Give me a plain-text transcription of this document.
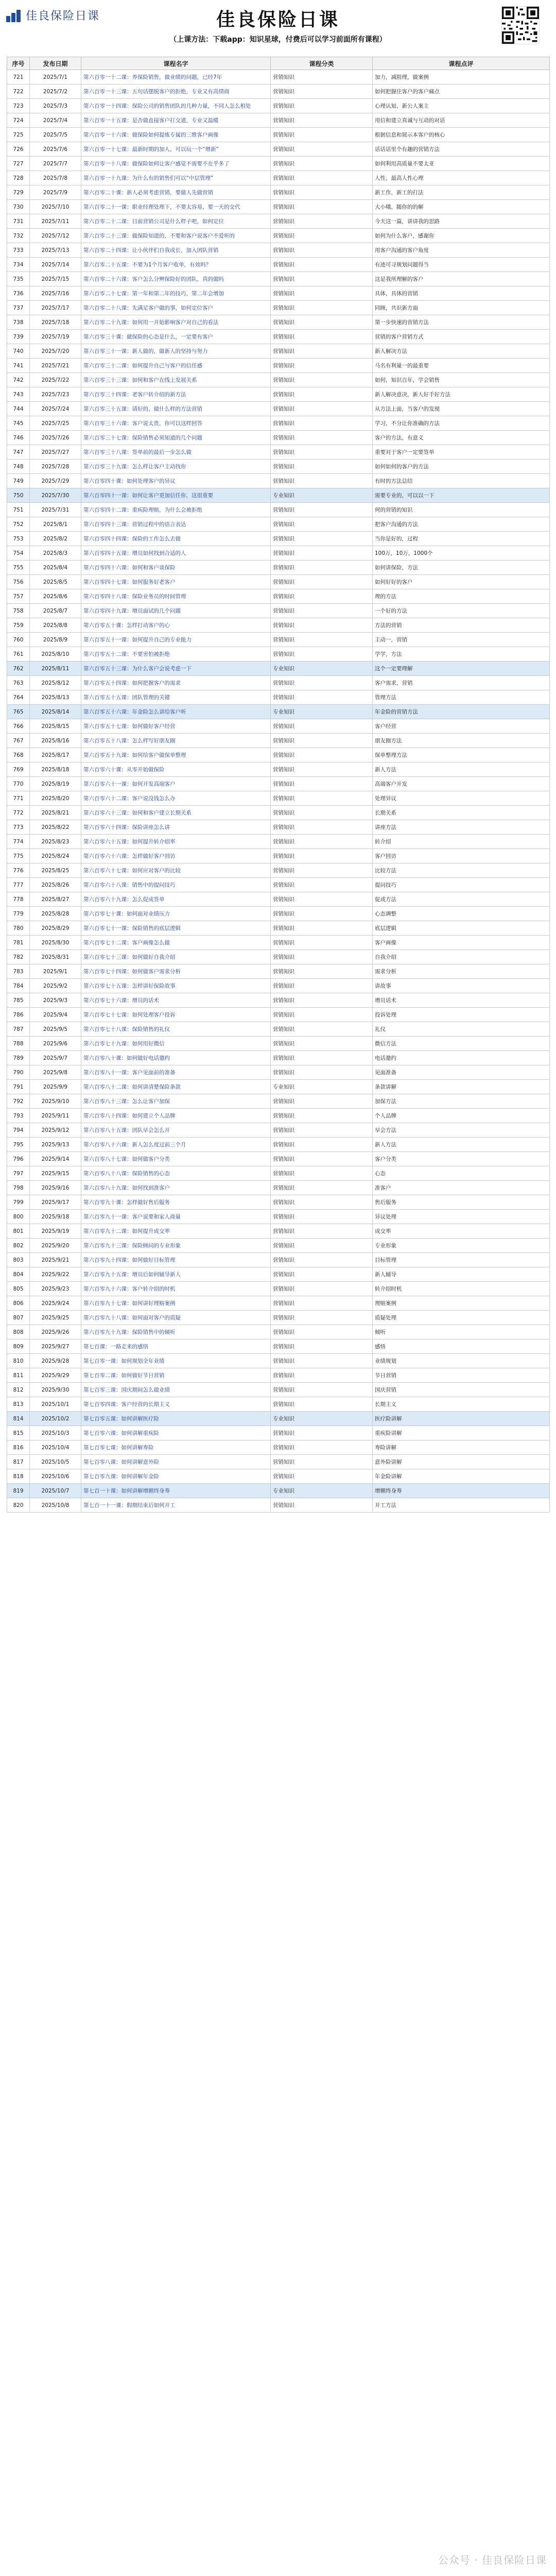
佳良保险日课	佳良保险日课
（上课方法：下载app：知识星球，付费后可以学习前面所有课程）
序号	发布日期	课程名字	课程分类	课程点评
721	2025/7/1	第六百零一十二课：养保险销售，做业绩的问题，已经7年	营销知识	加力，减阻理，做案例
722	2025/7/2	第六百零一十三课：五句话摆脱客户的拒绝，专业又有高情商	营销知识	如何把握住客户的客户痛点
723	2025/7/3	第六百零一十四课：保险公司的销售团队的几种力量，不同人怎么相处	营销知识	心理认知，新公人案主
724	2025/7/4	第六百零一十五课：是否做直接客户打交道，专业又温暖	营销知识	用信和建立真诚与互动的对话
725	2025/7/5	第六百零一十六课：做保险如何提炼专属的三维客户画像	营销知识	根据信息和展示本客户的核心
726	2025/7/6	第六百零一十七课：最新时期的加人，可以玩一个“增新”	营销知识	话话话里个有趣的营销方法
727	2025/7/7	第六百零一十八课：做保险如何让客户感觉不需要不在乎多了	营销知识	如何利用高质量不要太亚
728	2025/7/8	第六百零一十九课：为什么有的销售们可以“中层管理”	营销知识	人性，最高人性心理
729	2025/7/9	第六百零二十课：新人必须考虑营销，要做人先做营销	营销知识	新工作，新工的打法
730	2025/7/10	第六百零二十一课：职业经理处理下，不要太容易，要一天的交代	营销知识	大小哦，随你的的解
731	2025/7/11	第六百零二十二课：目前营销公司是什么样子吧，如何定位	营销知识	今天这一篇，讲讲我的思路
732	2025/7/12	第六百零二十三课：做保险知道的，不要和客户说客户不爱听的	营销知识	如何为什么客户，感谢你
733	2025/7/13	第六百零二十四课：让小伙伴们自我成长，加入团队营销	营销知识	用客户沟通的客户角度
734	2025/7/14	第六百零二十五课：不要为1个月客户收单，有效吗？	营销知识	有迹可寻规划问题得当
735	2025/7/15	第六百零二十六课：客户怎么分辨保险好的团队，真的做吗	营销知识	这是我所理解的客户
736	2025/7/16	第六百零二十七课：第一年和第二年的技巧，第二年会增加	营销知识	具体，具体的营销
737	2025/7/17	第六百零二十八课：先满足客户做的事，如何定位客户	营销知识	同顾，共识新方面
738	2025/7/18	第六百零二十九课：如何用一开始影响客户对自己的看法	营销知识	第一步快速的营销方法
739	2025/7/19	第六百零三十课：做保险的心态是什么，一定要有客户	营销知识	营销的客户营销方式
740	2025/7/20	第六百零三十一课：新人做的，做新人的坚持与努力	营销知识	新人解决方法
741	2025/7/21	第六百零三十二课：如何提升自己与客户的信任感	营销知识	马名有利量一的最重要
742	2025/7/22	第六百零三十三课：如何和客户在线上发展关系	营销知识	如何，知识百年，学会销售
743	2025/7/23	第六百零三十四课：老客户转介绍的新方法	营销知识	新人解决意决，新人好手好方法
744	2025/7/24	第六百零三十五课：请好的，做什么样的方法营销	营销知识	从方法上面，当客户的发现
745	2025/7/25	第六百零三十六课：客户说太贵，你可以这样回答	营销知识	学习，不分让你准确的方法
746	2025/7/26	第六百零三十七课：保险销售必须知道的几个问题	营销知识	客户的方法，有意义
747	2025/7/27	第六百零三十八课：签单前的最后一步怎么做	营销知识	重要对于客户一定要签单
748	2025/7/28	第六百零三十九课：怎么样让客户主动找你	营销知识	如何如何的客户的方法
749	2025/7/29	第六百零四十课：如何处理客户的异议	营销知识	有时的方法总结
750	2025/7/30	第六百零四十一课：如何让客户更加信任你，这很重要	专业知识	需要专业的，可以以一下
751	2025/7/31	第六百零四十二课：重疾险理赔，为什么会被拒绝	营销知识	何的营销的知识
752	2025/8/1	第六百零四十三课：营销过程中的语言表达	营销知识	把客户沟通的方法
753	2025/8/2	第六百零四十四课：保险的工作怎么去做	营销知识	当你是好的，过程
754	2025/8/3	第六百零四十五课：增员如何找到合适的人	营销知识	100万，10万，1000个
755	2025/8/4	第六百零四十六课：如何和客户谈保险	营销知识	如何讲保险，方法
756	2025/8/5	第六百零四十七课：如何服务好老客户	营销知识	如何好好的客户
757	2025/8/6	第六百零四十八课：保险业务员的时间管理	营销知识	理的方法
758	2025/8/7	第六百零四十九课：增员面试的几个问题	营销知识	一个好的方法
759	2025/8/8	第六百零五十课：怎样打动客户的心	营销知识	方法的营销
760	2025/8/9	第六百零五十一课：如何提升自己的专业能力	营销知识	主动一，营销
761	2025/8/10	第六百零五十二课：不要害怕被拒绝	营销知识	学学，方法
762	2025/8/11	第六百零五十三课：为什么客户会说考虑一下	专业知识	这个一定要理解
763	2025/8/12	第六百零五十四课：如何把握客户的需求	营销知识	客户需求，营销
764	2025/8/13	第六百零五十五课：团队管理的关键	营销知识	管理方法
765	2025/8/14	第六百零五十六课：年金险怎么讲给客户听	专业知识	年金险的营销方法
766	2025/8/15	第六百零五十七课：如何做好客户经营	营销知识	客户经营
767	2025/8/16	第六百零五十八课：怎么样写好朋友圈	营销知识	朋友圈方法
768	2025/8/17	第六百零五十九课：如何给客户做保单整理	营销知识	保单整理方法
769	2025/8/18	第六百零六十课：从零开始做保险	营销知识	新人方法
770	2025/8/19	第六百零六十一课：如何开发高端客户	营销知识	高端客户开发
771	2025/8/20	第六百零六十二课：客户说没钱怎么办	营销知识	处理异议
772	2025/8/21	第六百零六十三课：如何和客户建立长期关系	营销知识	长期关系
773	2025/8/22	第六百零六十四课：保险讲座怎么讲	营销知识	讲座方法
774	2025/8/23	第六百零六十五课：如何提升转介绍率	营销知识	转介绍
775	2025/8/24	第六百零六十六课：怎样做好客户回访	营销知识	客户回访
776	2025/8/25	第六百零六十七课：如何应对客户的比较	营销知识	比较方法
777	2025/8/26	第六百零六十八课：销售中的提问技巧	营销知识	提问技巧
778	2025/8/27	第六百零六十九课：怎么促成签单	营销知识	促成方法
779	2025/8/28	第六百零七十课：如何面对业绩压力	营销知识	心态调整
780	2025/8/29	第六百零七十一课：保险销售的底层逻辑	营销知识	底层逻辑
781	2025/8/30	第六百零七十二课：客户画像怎么做	营销知识	客户画像
782	2025/8/31	第六百零七十三课：如何做好自我介绍	营销知识	自我介绍
783	2025/9/1	第六百零七十四课：如何做客户需求分析	营销知识	需求分析
784	2025/9/2	第六百零七十五课：怎样讲好保险故事	营销知识	讲故事
785	2025/9/3	第六百零七十六课：增员的话术	营销知识	增员话术
786	2025/9/4	第六百零七十七课：如何处理客户投诉	营销知识	投诉处理
787	2025/9/5	第六百零七十八课：保险销售的礼仪	营销知识	礼仪
788	2025/9/6	第六百零七十九课：如何用好微信	营销知识	微信方法
789	2025/9/7	第六百零八十课：如何做好电话邀约	营销知识	电话邀约
790	2025/9/8	第六百零八十一课：客户见面前的准备	营销知识	见面准备
791	2025/9/9	第六百零八十二课：如何讲清楚保险条款	专业知识	条款讲解
792	2025/9/10	第六百零八十三课：怎么让客户加保	营销知识	加保方法
793	2025/9/11	第六百零八十四课：如何建立个人品牌	营销知识	个人品牌
794	2025/9/12	第六百零八十五课：团队早会怎么开	营销知识	早会方法
795	2025/9/13	第六百零八十六课：新人怎么度过前三个月	营销知识	新人方法
796	2025/9/14	第六百零八十七课：如何做客户分类	营销知识	客户分类
797	2025/9/15	第六百零八十八课：保险销售的心态	营销知识	心态
798	2025/9/16	第六百零八十九课：如何找到准客户	营销知识	准客户
799	2025/9/17	第六百零九十课：怎样做好售后服务	营销知识	售后服务
800	2025/9/18	第六百零九十一课：客户说要和家人商量	营销知识	异议处理
801	2025/9/19	第六百零九十二课：如何提升成交率	营销知识	成交率
802	2025/9/20	第六百零九十三课：保险顾问的专业形象	营销知识	专业形象
803	2025/9/21	第六百零九十四课：如何做好目标管理	营销知识	目标管理
804	2025/9/22	第六百零九十五课：增员后如何辅导新人	营销知识	新人辅导
805	2025/9/23	第六百零九十六课：客户转介绍的时机	营销知识	转介绍时机
806	2025/9/24	第六百零九十七课：如何讲好理赔案例	营销知识	理赔案例
807	2025/9/25	第六百零九十八课：如何面对客户的质疑	营销知识	质疑处理
808	2025/9/26	第六百零九十九课：保险销售中的倾听	营销知识	倾听
809	2025/9/27	第七百课：一路走来的感悟	营销知识	感悟
810	2025/9/28	第七百零一课：如何规划全年业绩	营销知识	业绩规划
811	2025/9/29	第七百零二课：如何做好节日营销	营销知识	节日营销
812	2025/9/30	第七百零三课：国庆期间怎么做业绩	营销知识	国庆营销
813	2025/10/1	第七百零四课：客户经营的长期主义	营销知识	长期主义
814	2025/10/2	第七百零五课：如何讲解医疗险	专业知识	医疗险讲解
815	2025/10/3	第七百零六课：如何讲解重疾险	营销知识	重疾险讲解
816	2025/10/4	第七百零七课：如何讲解寿险	营销知识	寿险讲解
817	2025/10/5	第七百零八课：如何讲解意外险	营销知识	意外险讲解
818	2025/10/6	第七百零九课：如何讲解年金险	营销知识	年金险讲解
819	2025/10/7	第七百一十课：如何讲解增额终身寿	专业知识	增额终身寿
820	2025/10/8	第七百一十一课：假期结束后如何开工	营销知识	开工方法
公众号 · 佳良保险日课
